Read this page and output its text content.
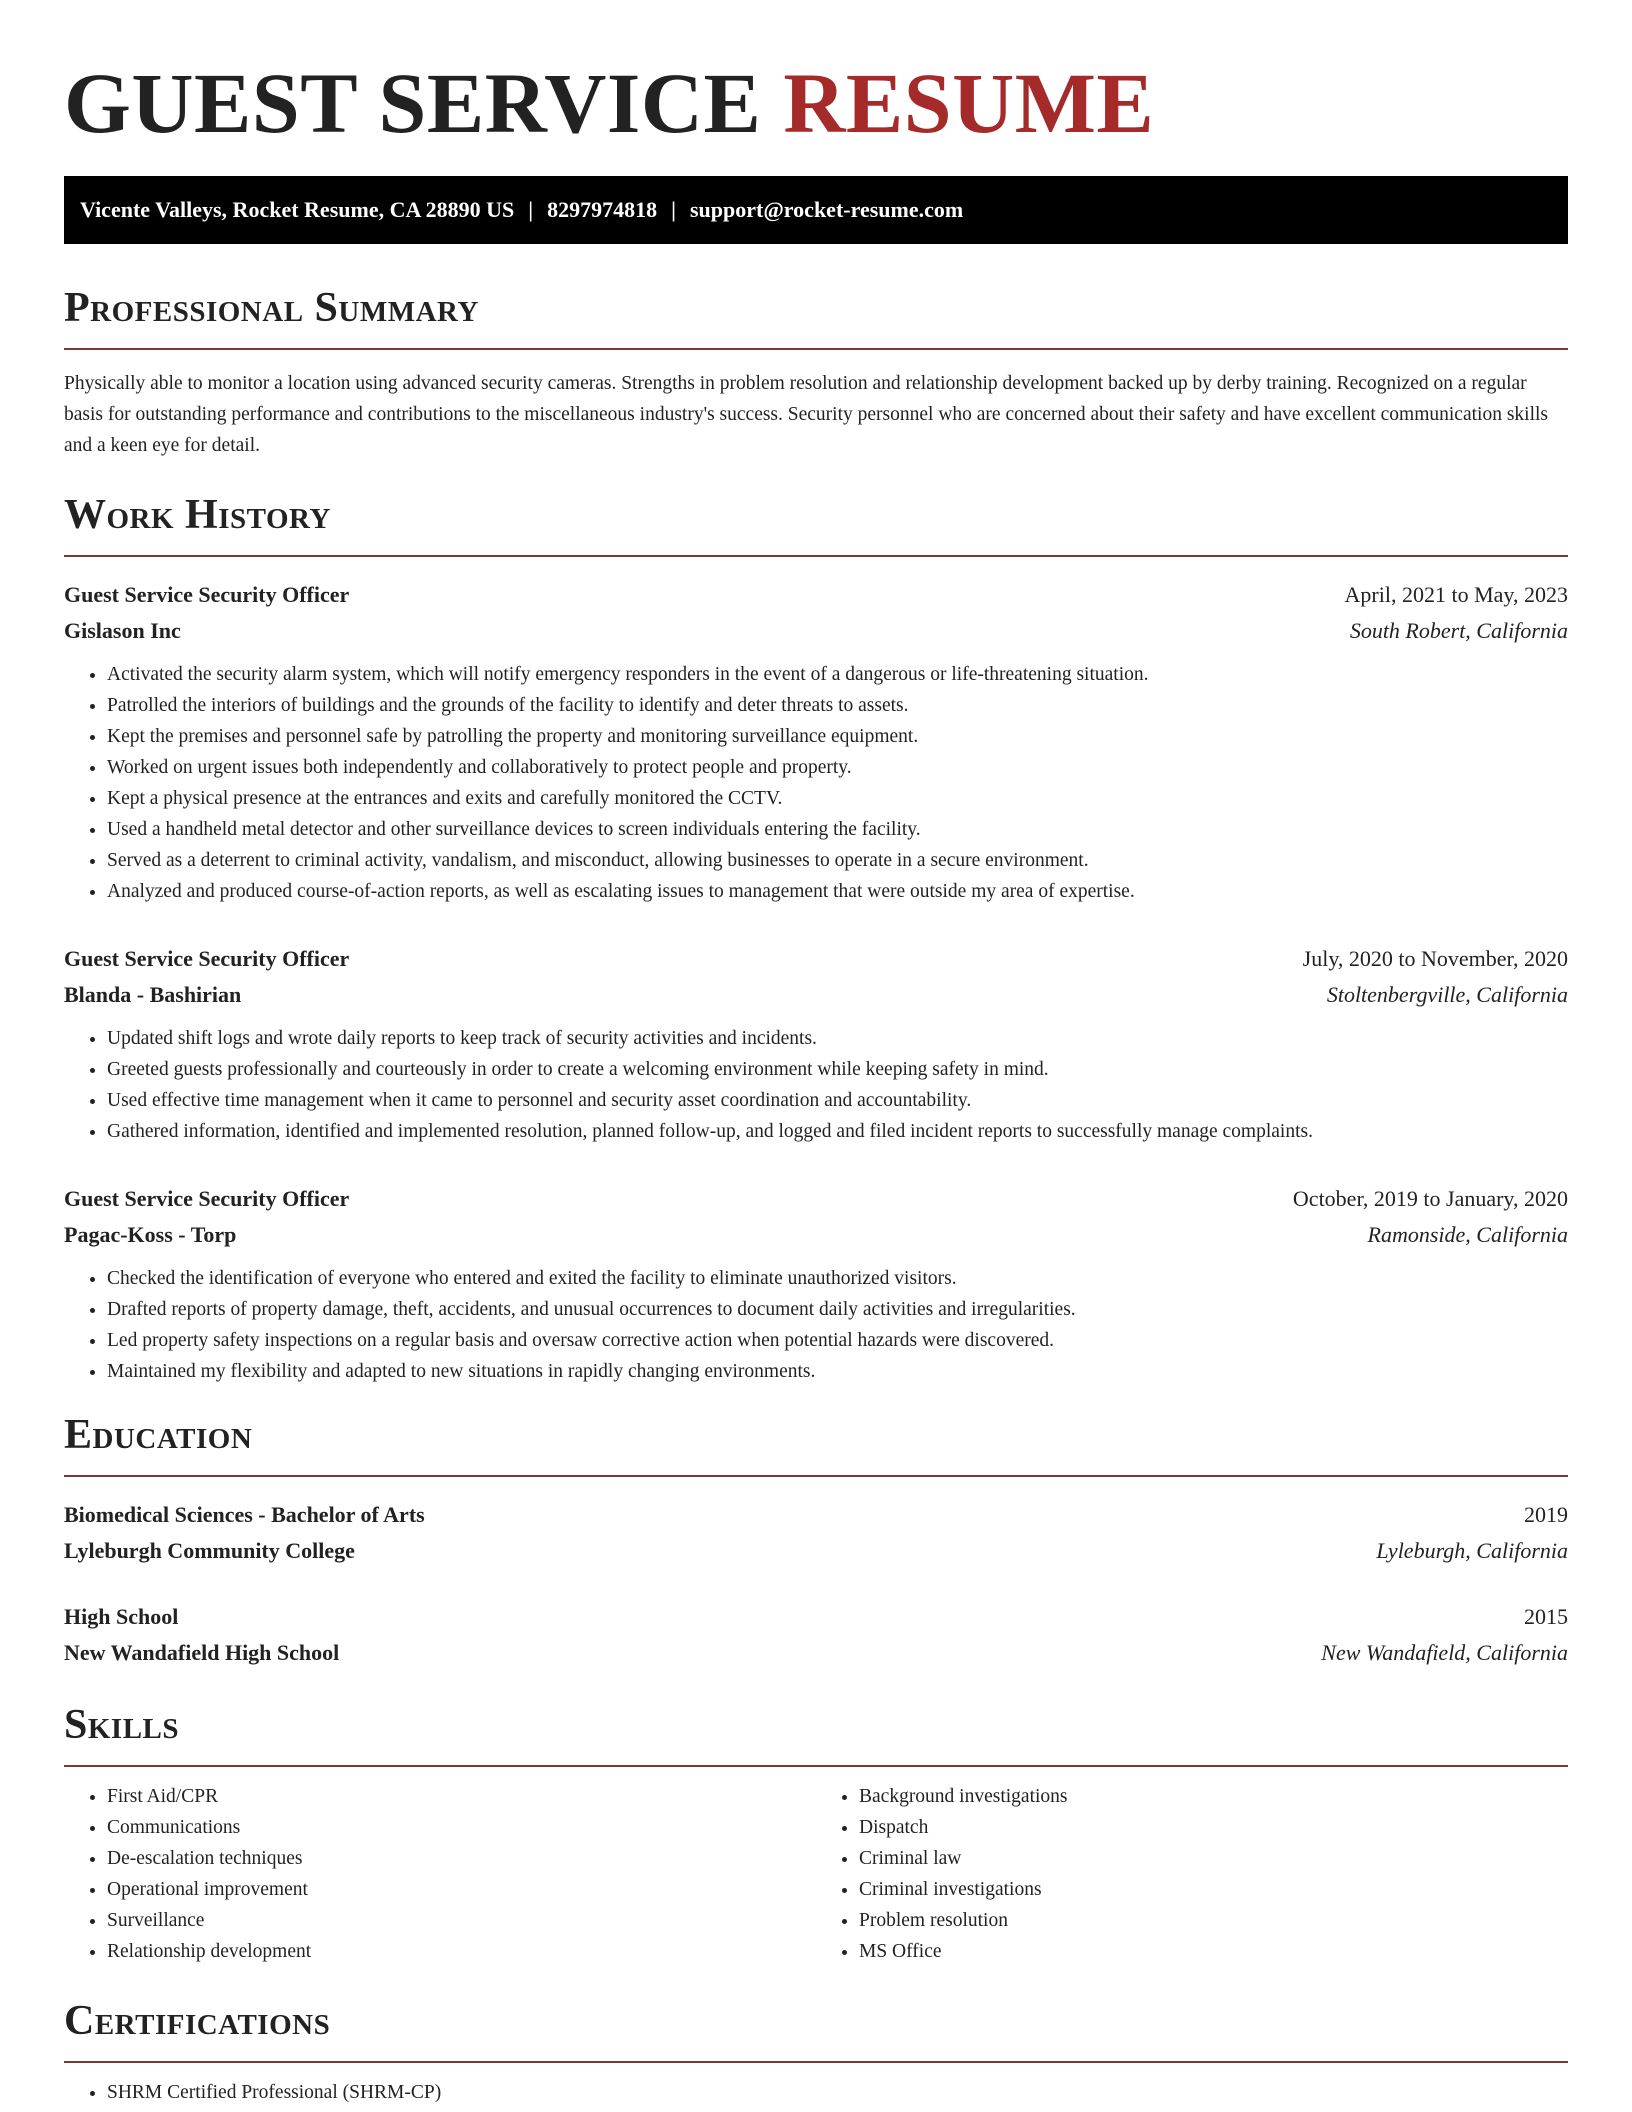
GUEST SERVICE RESUME
Vicente Valleys, Rocket Resume, CA 28890 US | 8297974818 | support@rocket-resume.com
Professional Summary

Physically able to monitor a location using advanced security cameras. Strengths in problem resolution and relationship development backed up by derby training. Recognized on a regular basis for outstanding performance and contributions to the miscellaneous industry's success. Security personnel who are concerned about their safety and have excellent communication skills and a keen eye for detail.

Work History
Guest Service Security Officer	April, 2021 to May, 2023
Gislason Inc	South Robert, California
• Activated the security alarm system, which will notify emergency responders in the event of a dangerous or life-threatening situation.
• Patrolled the interiors of buildings and the grounds of the facility to identify and deter threats to assets.
• Kept the premises and personnel safe by patrolling the property and monitoring surveillance equipment.
• Worked on urgent issues both independently and collaboratively to protect people and property.
• Kept a physical presence at the entrances and exits and carefully monitored the CCTV.
• Used a handheld metal detector and other surveillance devices to screen individuals entering the facility.
• Served as a deterrent to criminal activity, vandalism, and misconduct, allowing businesses to operate in a secure environment.
• Analyzed and produced course-of-action reports, as well as escalating issues to management that were outside my area of expertise.
Guest Service Security Officer	July, 2020 to November, 2020
Blanda - Bashirian	Stoltenbergville, California
• Updated shift logs and wrote daily reports to keep track of security activities and incidents.
• Greeted guests professionally and courteously in order to create a welcoming environment while keeping safety in mind.
• Used effective time management when it came to personnel and security asset coordination and accountability.
• Gathered information, identified and implemented resolution, planned follow-up, and logged and filed incident reports to successfully manage complaints.
Guest Service Security Officer	October, 2019 to January, 2020
Pagac-Koss - Torp	Ramonside, California
• Checked the identification of everyone who entered and exited the facility to eliminate unauthorized visitors.
• Drafted reports of property damage, theft, accidents, and unusual occurrences to document daily activities and irregularities.
• Led property safety inspections on a regular basis and oversaw corrective action when potential hazards were discovered.
• Maintained my flexibility and adapted to new situations in rapidly changing environments.
Education
Biomedical Sciences - Bachelor of Arts	2019
Lyleburgh Community College	Lyleburgh, California
High School	2015
New Wandafield High School	New Wandafield, California
Skills
• First Aid/CPR
• Communications
• De-escalation techniques
• Operational improvement
• Surveillance
• Relationship development
• Background investigations
• Dispatch
• Criminal law
• Criminal investigations
• Problem resolution
• MS Office
Certifications
• SHRM Certified Professional (SHRM-CP)
